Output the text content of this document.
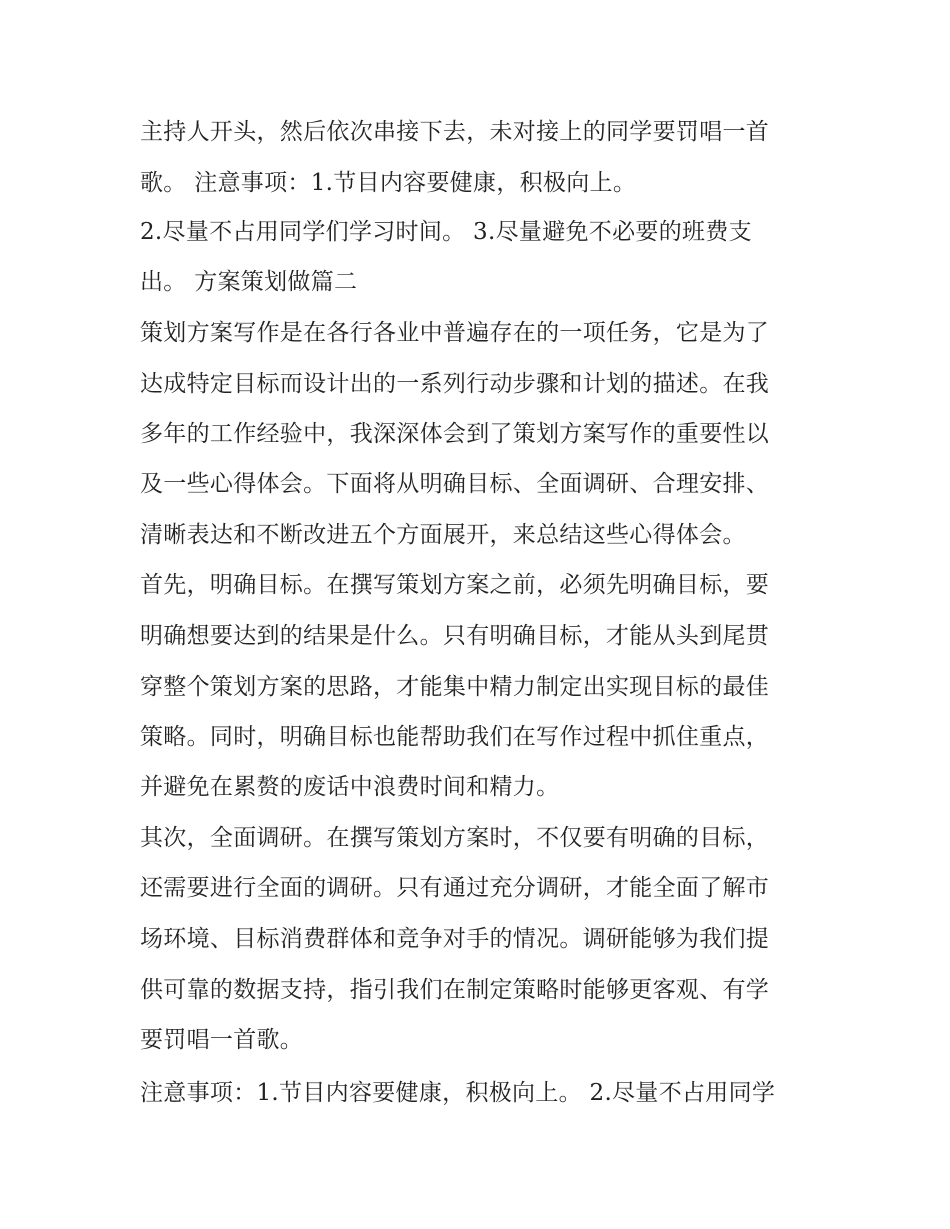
主持人开头，然后依次串接下去，未对接上的同学要罚唱一首

歌。 注意事项：1.节目内容要健康，积极向上。

2.尽量不占用同学们学习时间。 3.尽量避免不必要的班费支

出。 方案策划做篇二

策划方案写作是在各行各业中普遍存在的一项任务，它是为了

达成特定目标而设计出的一系列行动步骤和计划的描述。在我

多年的工作经验中，我深深体会到了策划方案写作的重要性以

及一些心得体会。下面将从明确目标、全面调研、合理安排、

清晰表达和不断改进五个方面展开，来总结这些心得体会。

首先，明确目标。在撰写策划方案之前，必须先明确目标，要

明确想要达到的结果是什么。只有明确目标，才能从头到尾贯

穿整个策划方案的思路，才能集中精力制定出实现目标的最佳

策略。同时，明确目标也能帮助我们在写作过程中抓住重点，

并避免在累赘的废话中浪费时间和精力。

其次，全面调研。在撰写策划方案时，不仅要有明确的目标，

还需要进行全面的调研。只有通过充分调研，才能全面了解市

场环境、目标消费群体和竞争对手的情况。调研能够为我们提

供可靠的数据支持，指引我们在制定策略时能够更客观、有学

要罚唱一首歌。

注意事项：1.节目内容要健康，积极向上。 2.尽量不占用同学
